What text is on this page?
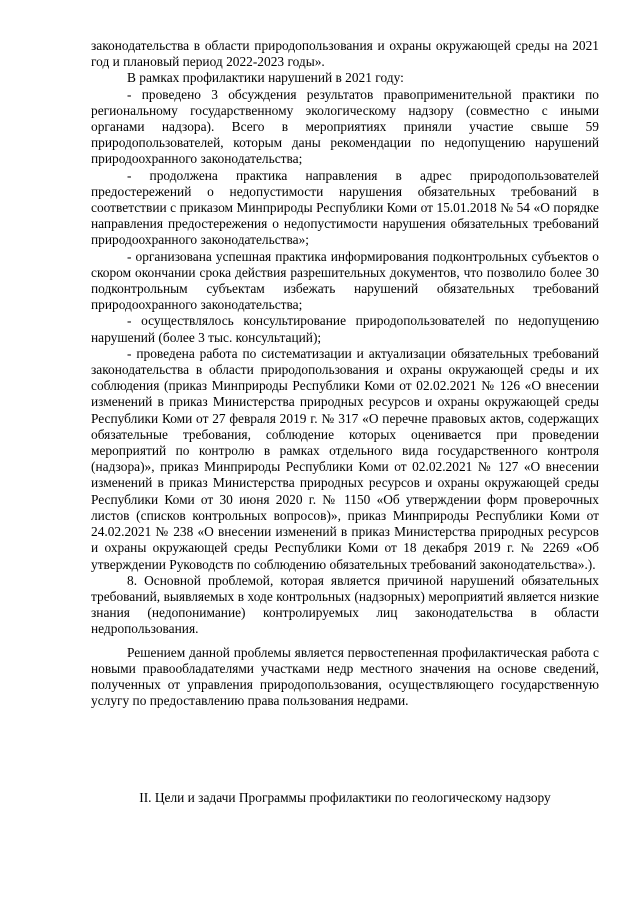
законодательства в области природопользования и охраны окружающей среды на 2021 год и плановый период 2022-2023 годы».

В рамках профилактики нарушений в 2021 году:

- проведено 3 обсуждения результатов правоприменительной практики по региональному государственному экологическому надзору (совместно с иными органами надзора). Всего в мероприятиях приняли участие свыше 59 природопользователей, которым даны рекомендации по недопущению нарушений природоохранного законодательства;

- продолжена практика направления в адрес природопользователей предостережений о недопустимости нарушения обязательных требований в соответствии с приказом Минприроды Республики Коми от 15.01.2018 № 54 «О порядке направления предостережения о недопустимости нарушения обязательных требований природоохранного законодательства»;

- организована успешная практика информирования подконтрольных субъектов о скором окончании срока действия разрешительных документов, что позволило более 30 подконтрольным субъектам избежать нарушений обязательных требований природоохранного законодательства;

- осуществлялось консультирование природопользователей по недопущению нарушений (более 3 тыс. консультаций);

- проведена работа по систематизации и актуализации обязательных требований законодательства в области природопользования и охраны окружающей среды и их соблюдения (приказ Минприроды Республики Коми от 02.02.2021 № 126 «О внесении изменений в приказ Министерства природных ресурсов и охраны окружающей среды Республики Коми от 27 февраля 2019 г. № 317 «О перечне правовых актов, содержащих обязательные требования, соблюдение которых оценивается при проведении мероприятий по контролю в рамках отдельного вида государственного контроля (надзора)», приказ Минприроды Республики Коми от 02.02.2021 № 127 «О внесении изменений в приказ Министерства природных ресурсов и охраны окружающей среды Республики Коми от 30 июня 2020 г. № 1150 «Об утверждении форм проверочных листов (списков контрольных вопросов)», приказ Минприроды Республики Коми от 24.02.2021 № 238 «О внесении изменений в приказ Министерства природных ресурсов и охраны окружающей среды Республики Коми от 18 декабря 2019 г. № 2269 «Об утверждении Руководств по соблюдению обязательных требований законодательства».).

8. Основной проблемой, которая является причиной нарушений обязательных требований, выявляемых в ходе контрольных (надзорных) мероприятий является низкие знания (недопонимание) контролируемых лиц законодательства в области недропользования.

Решением данной проблемы является первостепенная профилактическая работа с новыми правообладателями участками недр местного значения на основе сведений, полученных от управления природопользования, осуществляющего государственную услугу по предоставлению права пользования недрами.

II. Цели и задачи Программы профилактики по геологическому надзору
